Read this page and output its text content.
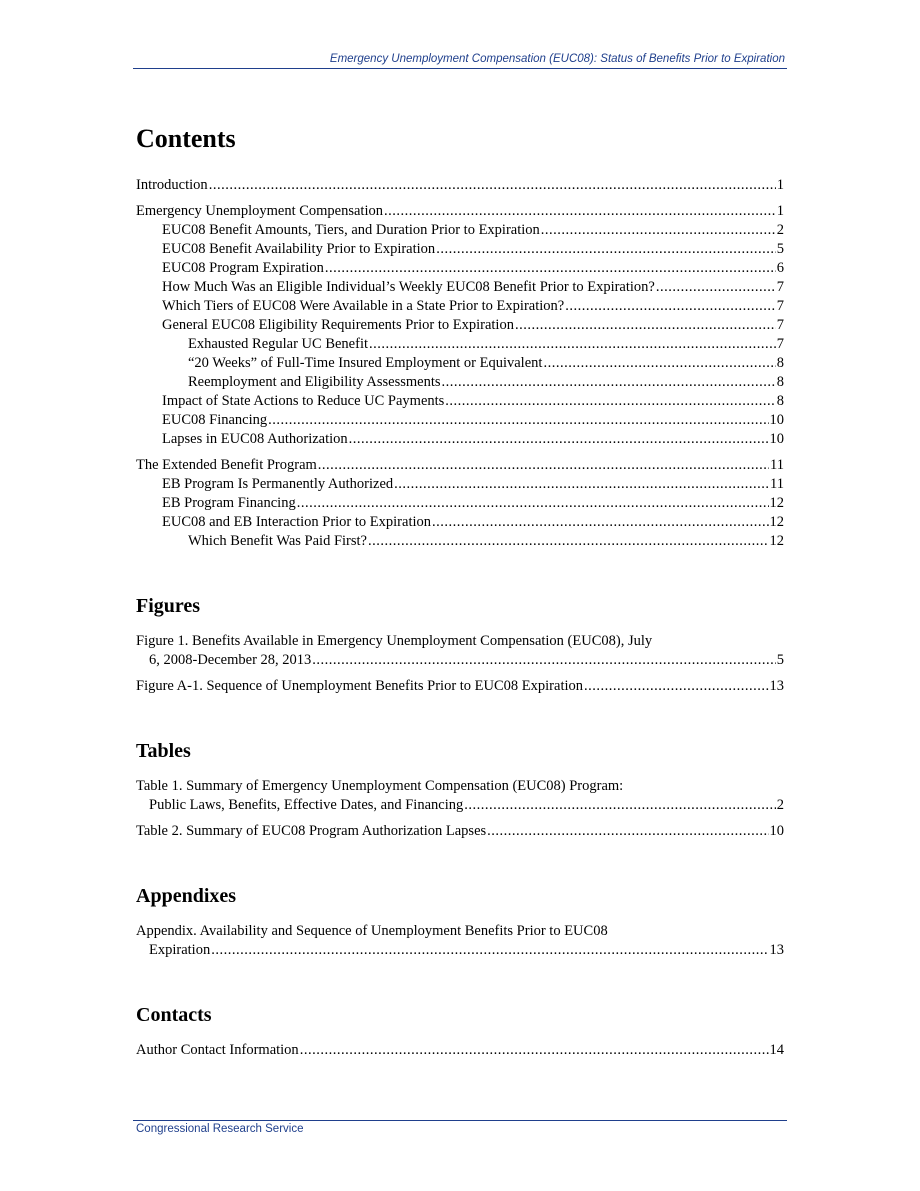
Emergency Unemployment Compensation (EUC08): Status of Benefits Prior to Expiration
Contents
Introduction .....	1
Emergency Unemployment Compensation .....	1
EUC08 Benefit Amounts, Tiers, and Duration Prior to Expiration .....	2
EUC08 Benefit Availability Prior to Expiration .....	5
EUC08 Program Expiration .....	6
How Much Was an Eligible Individual’s Weekly EUC08 Benefit Prior to Expiration? .....	7
Which Tiers of EUC08 Were Available in a State Prior to Expiration? .....	7
General EUC08 Eligibility Requirements Prior to Expiration .....	7
Exhausted Regular UC Benefit .....	7
“20 Weeks” of Full-Time Insured Employment or Equivalent .....	8
Reemployment and Eligibility Assessments .....	8
Impact of State Actions to Reduce UC Payments .....	8
EUC08 Financing .....	10
Lapses in EUC08 Authorization .....	10
The Extended Benefit Program .....	11
EB Program Is Permanently Authorized .....	11
EB Program Financing .....	12
EUC08 and EB Interaction Prior to Expiration .....	12
Which Benefit Was Paid First? .....	12
Figures
Figure 1. Benefits Available in Emergency Unemployment Compensation (EUC08), July
6, 2008-December 28, 2013 .....	5
Figure A-1. Sequence of Unemployment Benefits Prior to EUC08 Expiration .....	13
Tables
Table 1. Summary of Emergency Unemployment Compensation (EUC08) Program:
Public Laws, Benefits, Effective Dates, and Financing .....	2
Table 2. Summary of EUC08 Program Authorization Lapses .....	10
Appendixes
Appendix. Availability and Sequence of Unemployment Benefits Prior to EUC08
Expiration .....	13
Contacts
Author Contact Information .....	14
Congressional Research Service
